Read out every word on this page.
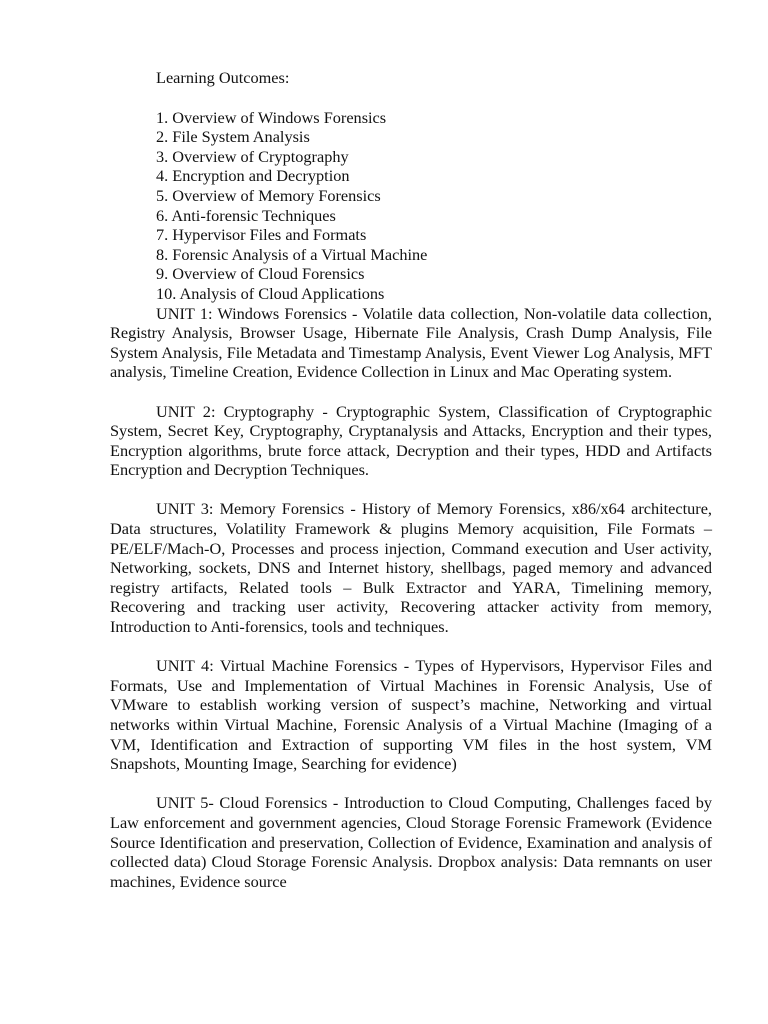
Learning Outcomes:

1. Overview of Windows Forensics
2. File System Analysis
3. Overview of Cryptography
4. Encryption and Decryption
5. Overview of Memory Forensics
6. Anti-forensic Techniques
7. Hypervisor Files and Formats
8. Forensic Analysis of a Virtual Machine
9. Overview of Cloud Forensics
10. Analysis of Cloud Applications

UNIT 1: Windows Forensics - Volatile data collection, Non-volatile data collection, Registry Analysis, Browser Usage, Hibernate File Analysis, Crash Dump Analysis, File System Analysis, File Metadata and Timestamp Analysis, Event Viewer Log Analysis, MFT analysis, Timeline Creation, Evidence Collection in Linux and Mac Operating system.

UNIT 2: Cryptography - Cryptographic System, Classification of Cryptographic System, Secret Key, Cryptography, Cryptanalysis and Attacks, Encryption and their types, Encryption algorithms, brute force attack, Decryption and their types, HDD and Artifacts Encryption and Decryption Techniques.

UNIT 3: Memory Forensics - History of Memory Forensics, x86/x64 architecture, Data structures, Volatility Framework & plugins Memory acquisition, File Formats – PE/ELF/Mach-O, Processes and process injection, Command execution and User activity, Networking, sockets, DNS and Internet history, shellbags, paged memory and advanced registry artifacts, Related tools – Bulk Extractor and YARA, Timelining memory, Recovering and tracking user activity, Recovering attacker activity from memory, Introduction to Anti-forensics, tools and techniques.

UNIT 4: Virtual Machine Forensics - Types of Hypervisors, Hypervisor Files and Formats, Use and Implementation of Virtual Machines in Forensic Analysis, Use of VMware to establish working version of suspect’s machine, Networking and virtual networks within Virtual Machine, Forensic Analysis of a Virtual Machine (Imaging of a VM, Identification and Extraction of supporting VM files in the host system, VM Snapshots, Mounting Image, Searching for evidence)

UNIT 5- Cloud Forensics - Introduction to Cloud Computing, Challenges faced by Law enforcement and government agencies, Cloud Storage Forensic Framework (Evidence Source Identification and preservation, Collection of Evidence, Examination and analysis of collected data) Cloud Storage Forensic Analysis. Dropbox analysis: Data remnants on user machines, Evidence source
